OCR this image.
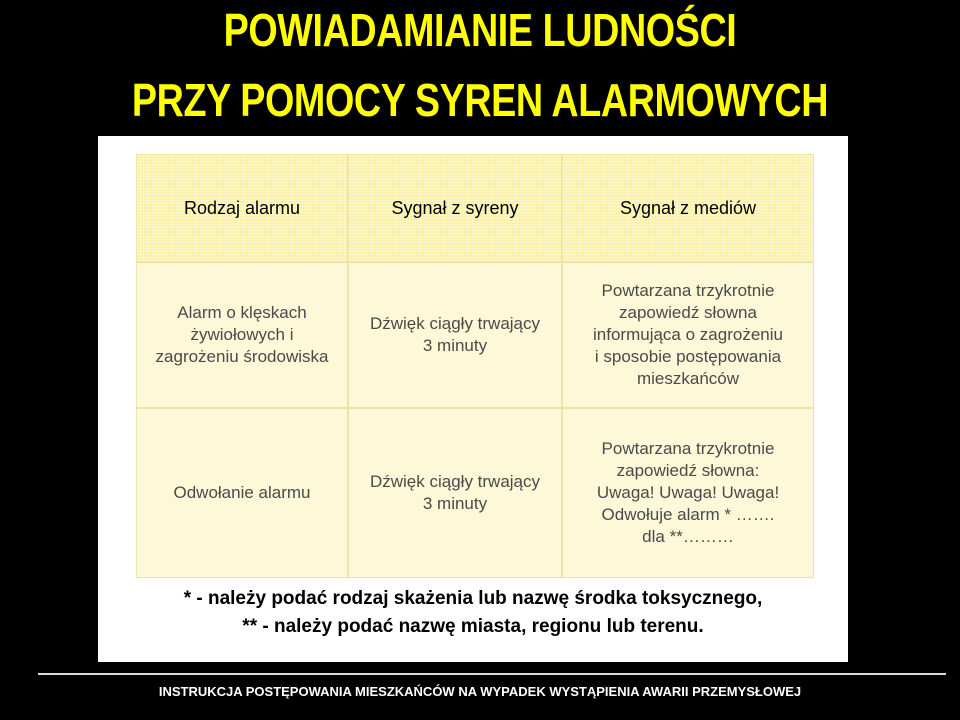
POWIADAMIANIE LUDNOŚCI
PRZY POMOCY SYREN ALARMOWYCH
Rodzaj alarmu	Sygnał z syreny	Sygnał z mediów
Alarm o klęskach
żywiołowych i
zagrożeniu środowiska
Dźwięk ciągły trwający
3 minuty
Powtarzana trzykrotnie
zapowiedź słowna
informująca o zagrożeniu
i sposobie postępowania
mieszkańców
Odwołanie alarmu
Dźwięk ciągły trwający
3 minuty
Powtarzana trzykrotnie
zapowiedź słowna:
Uwaga! Uwaga! Uwaga!
Odwołuje alarm * …….
dla **………
* - należy podać rodzaj skażenia lub nazwę środka toksycznego,
** - należy podać nazwę miasta, regionu lub terenu.
INSTRUKCJA POSTĘPOWANIA MIESZKAŃCÓW NA WYPADEK WYSTĄPIENIA AWARII PRZEMYSŁOWEJ
